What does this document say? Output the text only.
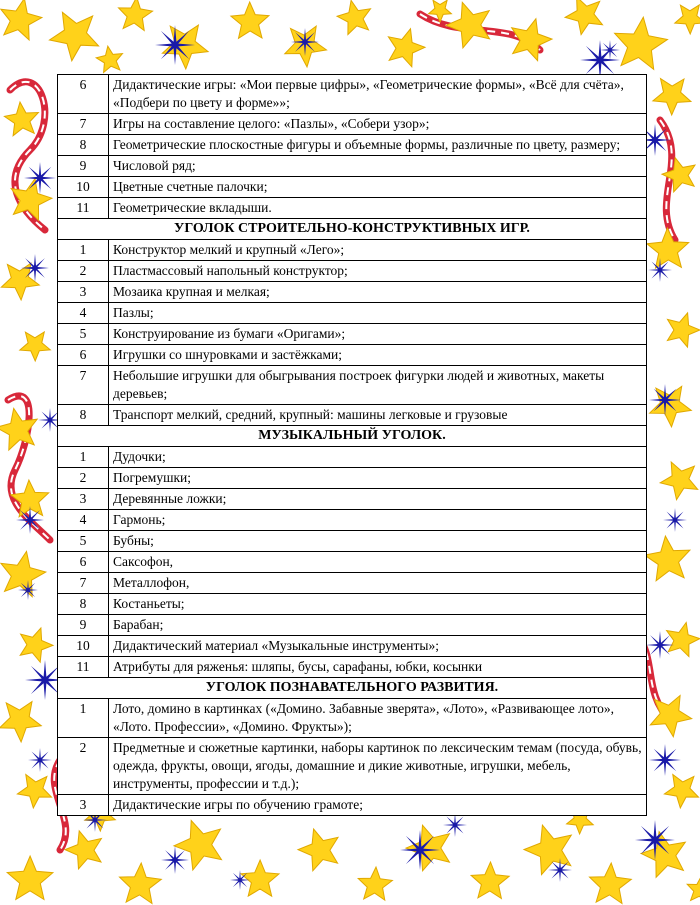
6	Дидактические игры: «Мои первые цифры», «Геометрические формы», «Всё для счёта», «Подбери по цвету и форме»»;
7	Игры на составление целого: «Пазлы», «Собери узор»;
8	Геометрические плоскостные фигуры и объемные формы, различные по цвету, размеру;
9	Числовой ряд;
10	Цветные счетные палочки;
11	Геометрические вкладыши.
УГОЛОК СТРОИТЕЛЬНО-КОНСТРУКТИВНЫХ ИГР.	
1	Конструктор мелкий и крупный «Лего»;
2	Пластмассовый напольный конструктор;
3	Мозаика крупная и мелкая;
4	Пазлы;
5	Конструирование из бумаги «Оригами»;
6	Игрушки со шнуровками и застёжками;
7	Небольшие игрушки для обыгрывания построек фигурки людей и животных, макеты деревьев;
8	Транспорт мелкий, средний, крупный: машины легковые и грузовые
МУЗЫКАЛЬНЫЙ УГОЛОК.	
1	Дудочки;
2	Погремушки;
3	Деревянные ложки;
4	Гармонь;
5	Бубны;
6	Саксофон,
7	Металлофон,
8	Костаньеты;
9	Барабан;
10	Дидактический материал «Музыкальные инструменты»;
11	Атрибуты для ряженья: шляпы, бусы, сарафаны, юбки, косынки
УГОЛОК ПОЗНАВАТЕЛЬНОГО РАЗВИТИЯ.	
1	Лото, домино в картинках («Домино. Забавные зверята», «Лото», «Развивающее лото», «Лото. Профессии», «Домино. Фрукты»);
2	Предметные и сюжетные картинки, наборы картинок по лексическим темам (посуда, обувь, одежда, фрукты, овощи, ягоды, домашние и дикие животные, игрушки, мебель, инструменты, профессии и т.д.);
3	Дидактические игры по обучению грамоте;
